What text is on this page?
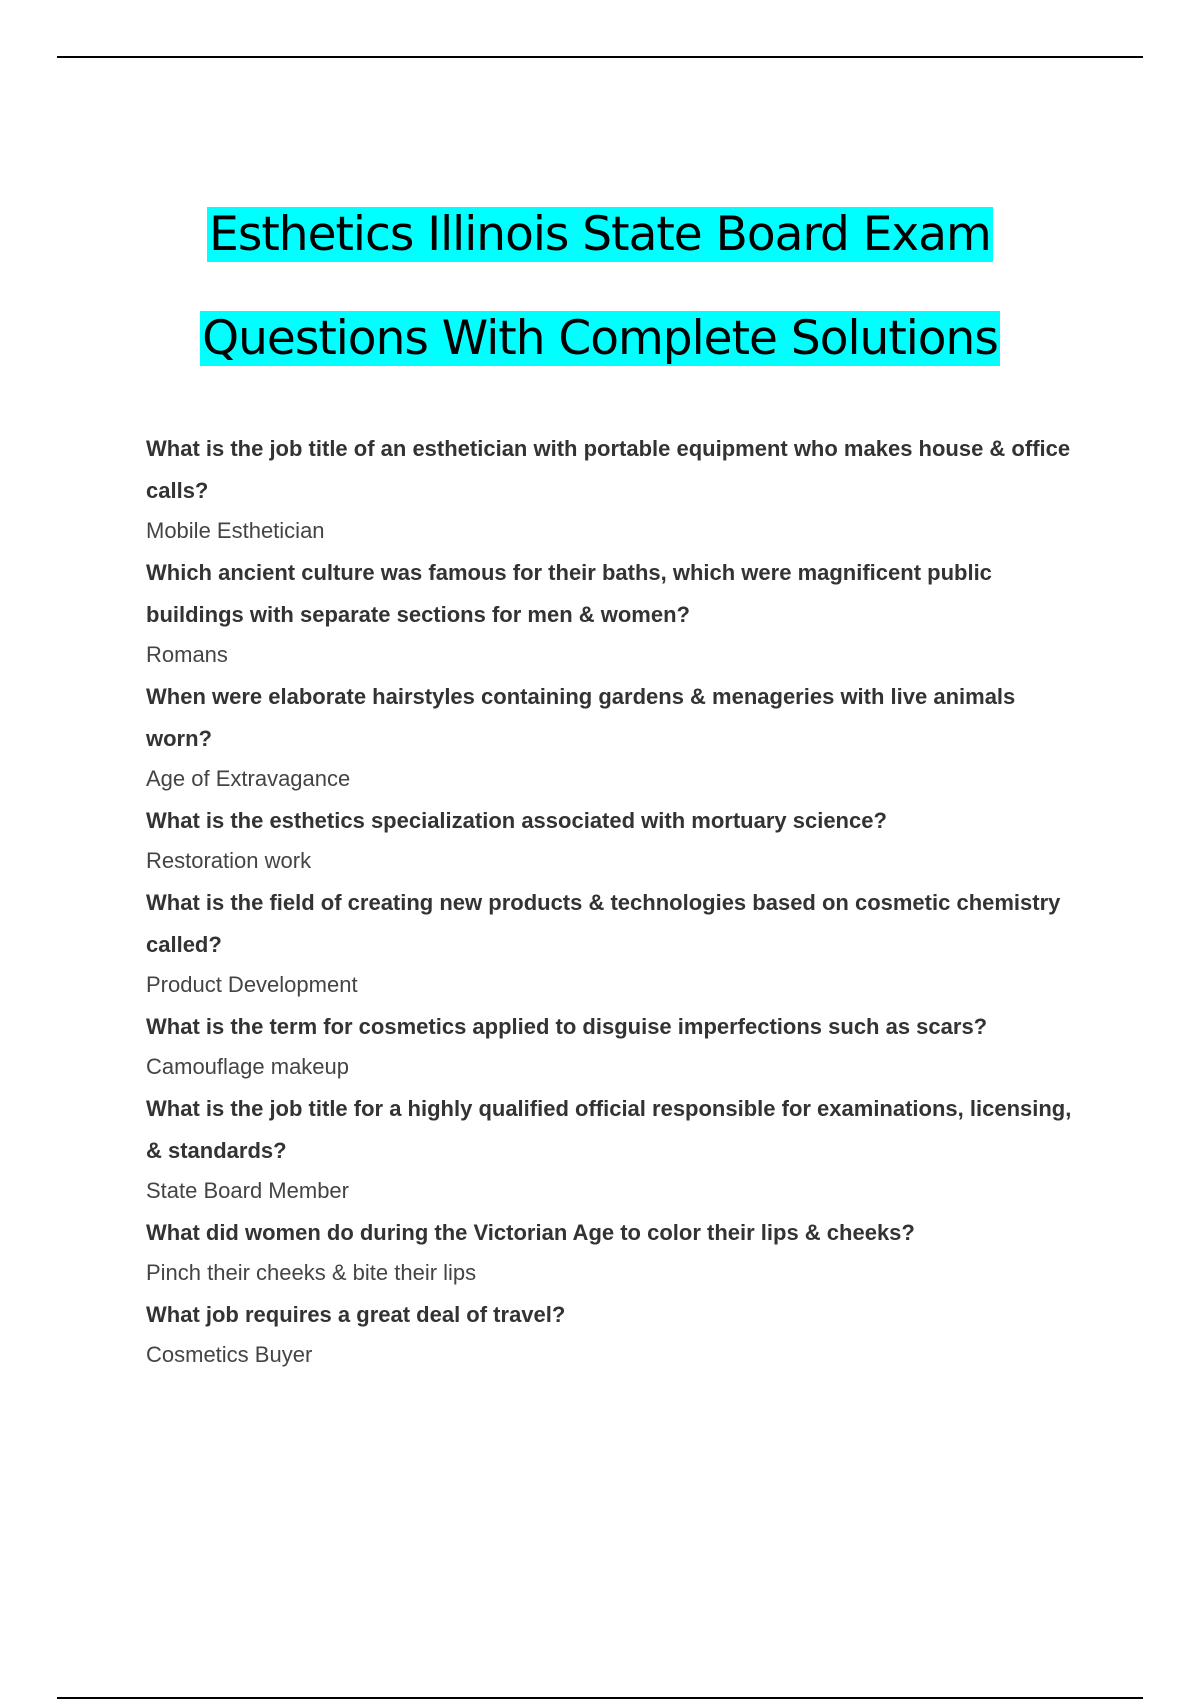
Esthetics Illinois State Board Exam
Questions With Complete Solutions

What is the job title of an esthetician with portable equipment who makes house & office calls?

Mobile Esthetician

Which ancient culture was famous for their baths, which were magnificent public buildings with separate sections for men & women?

Romans

When were elaborate hairstyles containing gardens & menageries with live animals worn?

Age of Extravagance

What is the esthetics specialization associated with mortuary science?

Restoration work

What is the field of creating new products & technologies based on cosmetic chemistry called?

Product Development

What is the term for cosmetics applied to disguise imperfections such as scars?

Camouflage makeup

What is the job title for a highly qualified official responsible for examinations, licensing, & standards?

State Board Member

What did women do during the Victorian Age to color their lips & cheeks?

Pinch their cheeks & bite their lips

What job requires a great deal of travel?

Cosmetics Buyer
